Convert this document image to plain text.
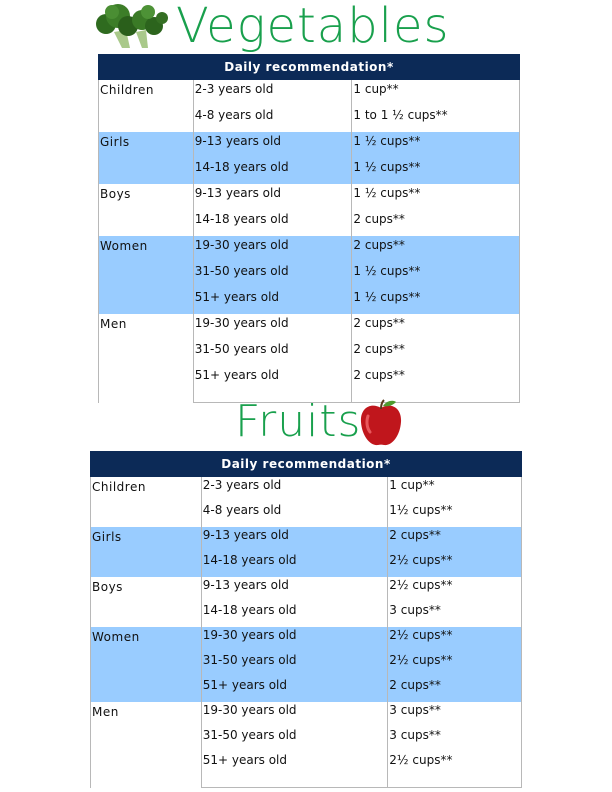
Vegetables
Daily recommendation*		
Children	2-3 years old	1 cup**
	4-8 years old	1 to 1 ½ cups**
Girls	9-13 years old	1 ½ cups**
	14-18 years old	1 ½ cups**
Boys	9-13 years old	1 ½ cups**
	14-18 years old	2 cups**
Women	19-30 years old	2 cups**
	31-50 years old	1 ½ cups**
	51+ years old	1 ½ cups**
Men	19-30 years old	2 cups**
	31-50 years old	2 cups**
	51+ years old	2 cups**

Fruits
Daily recommendation*		
Children	2-3 years old	1 cup**
	4-8 years old	1½ cups**
Girls	9-13 years old	2 cups**
	14-18 years old	2½ cups**
Boys	9-13 years old	2½ cups**
	14-18 years old	3 cups**
Women	19-30 years old	2½ cups**
	31-50 years old	2½ cups**
	51+ years old	2 cups**
Men	19-30 years old	3 cups**
	31-50 years old	3 cups**
	51+ years old	2½ cups**
